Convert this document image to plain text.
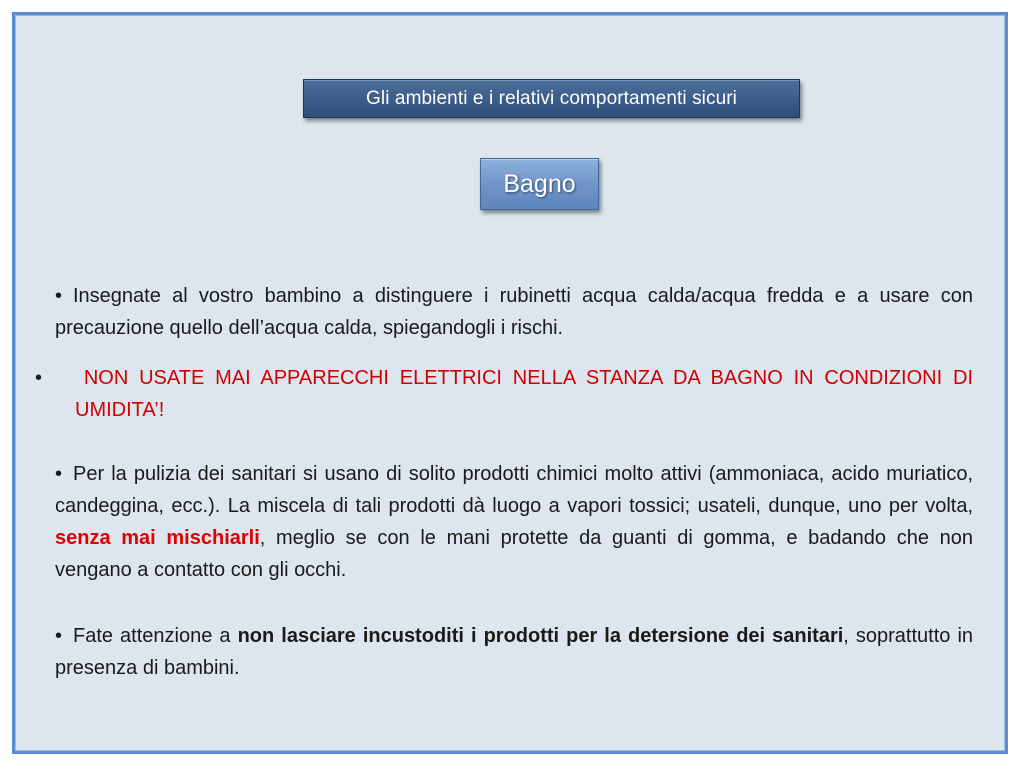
Gli ambienti e i relativi comportamenti sicuri
Bagno

• Insegnate al vostro bambino a distinguere i rubinetti acqua calda/acqua fredda e a usare con precauzione quello dell’acqua calda, spiegandogli i rischi.

• NON USATE MAI APPARECCHI ELETTRICI NELLA STANZA DA BAGNO IN CONDIZIONI DI UMIDITA’!

• Per la pulizia dei sanitari si usano di solito prodotti chimici molto attivi (ammoniaca, acido muriatico, candeggina, ecc.). La miscela di tali prodotti dà luogo a vapori tossici; usateli, dunque, uno per volta, senza mai mischiarli, meglio se con le mani protette da guanti di gomma, e badando che non vengano a contatto con gli occhi.

• Fate attenzione a non lasciare incustoditi i prodotti per la detersione dei sanitari, soprattutto in presenza di bambini.
